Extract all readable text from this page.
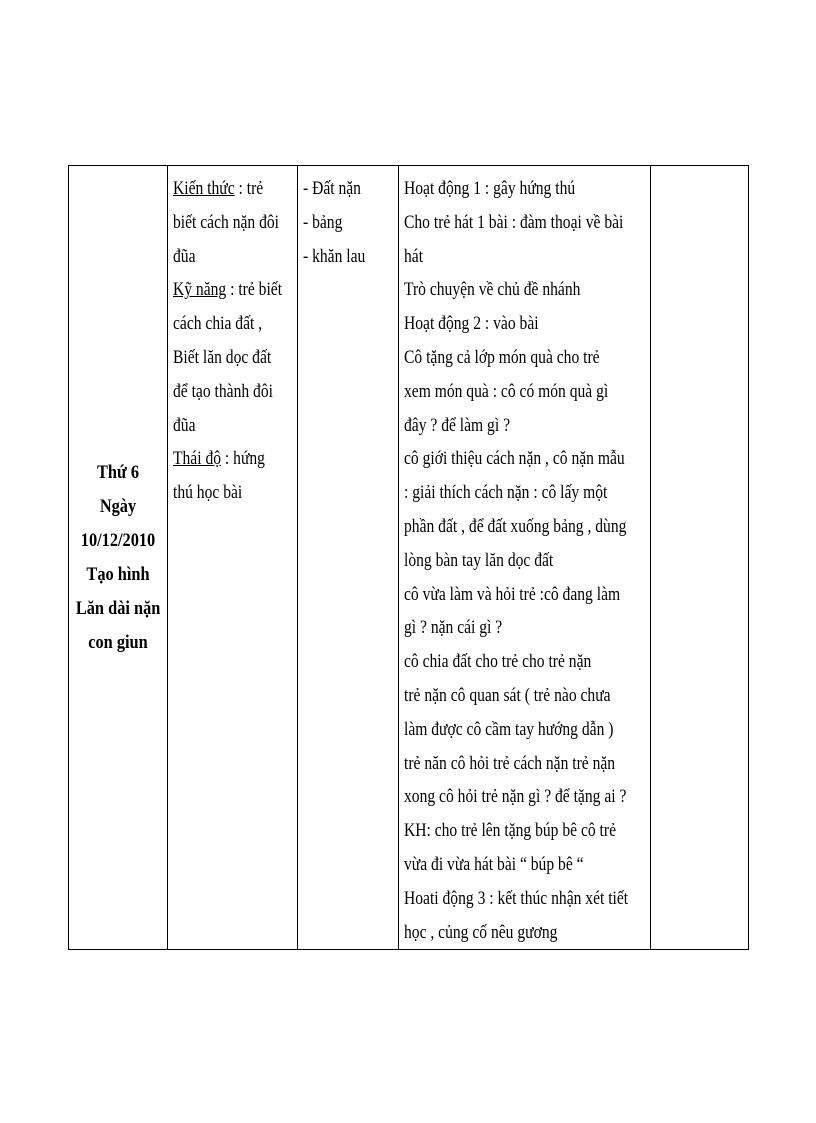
Thứ 6
Ngày
10/12/2010
Tạo hình
Lăn dài nặn
con giun

Kiến thức : trẻ
biết cách nặn đôi
đũa
Kỹ năng : trẻ biết
cách chia đất ,
Biết lăn dọc đất
để tạo thành đôi
đũa
Thái độ : hứng
thú học bài

- Đất nặn
- bảng
- khăn lau

Hoạt động 1 : gây hứng thú
Cho trẻ hát 1 bài : đàm thoại về bài
hát
Trò chuyện về chủ đề nhánh
Hoạt động 2 : vào bài
Cô tặng cả lớp món quà cho trẻ
xem món quà : cô có món quà gì
đây ? để làm gì ?
cô giới thiệu cách nặn , cô nặn mẫu
: giải thích cách nặn : cô lấy một
phần đất , để đất xuống bảng , dùng
lòng bàn tay lăn dọc đất
cô vừa làm và hỏi trẻ :cô đang làm
gì ? nặn cái gì ?
cô chia đất cho trẻ cho trẻ nặn
trẻ nặn cô quan sát ( trẻ nào chưa
làm được cô cầm tay hướng dẫn )
trẻ năn cô hỏi trẻ cách nặn trẻ nặn
xong cô hỏi trẻ nặn gì ? để tặng ai ?
KH: cho trẻ lên tặng búp bê cô trẻ
vừa đi vừa hát bài “ búp bê “
Hoati động 3 : kết thúc nhận xét tiết
học , củng cố nêu gương
